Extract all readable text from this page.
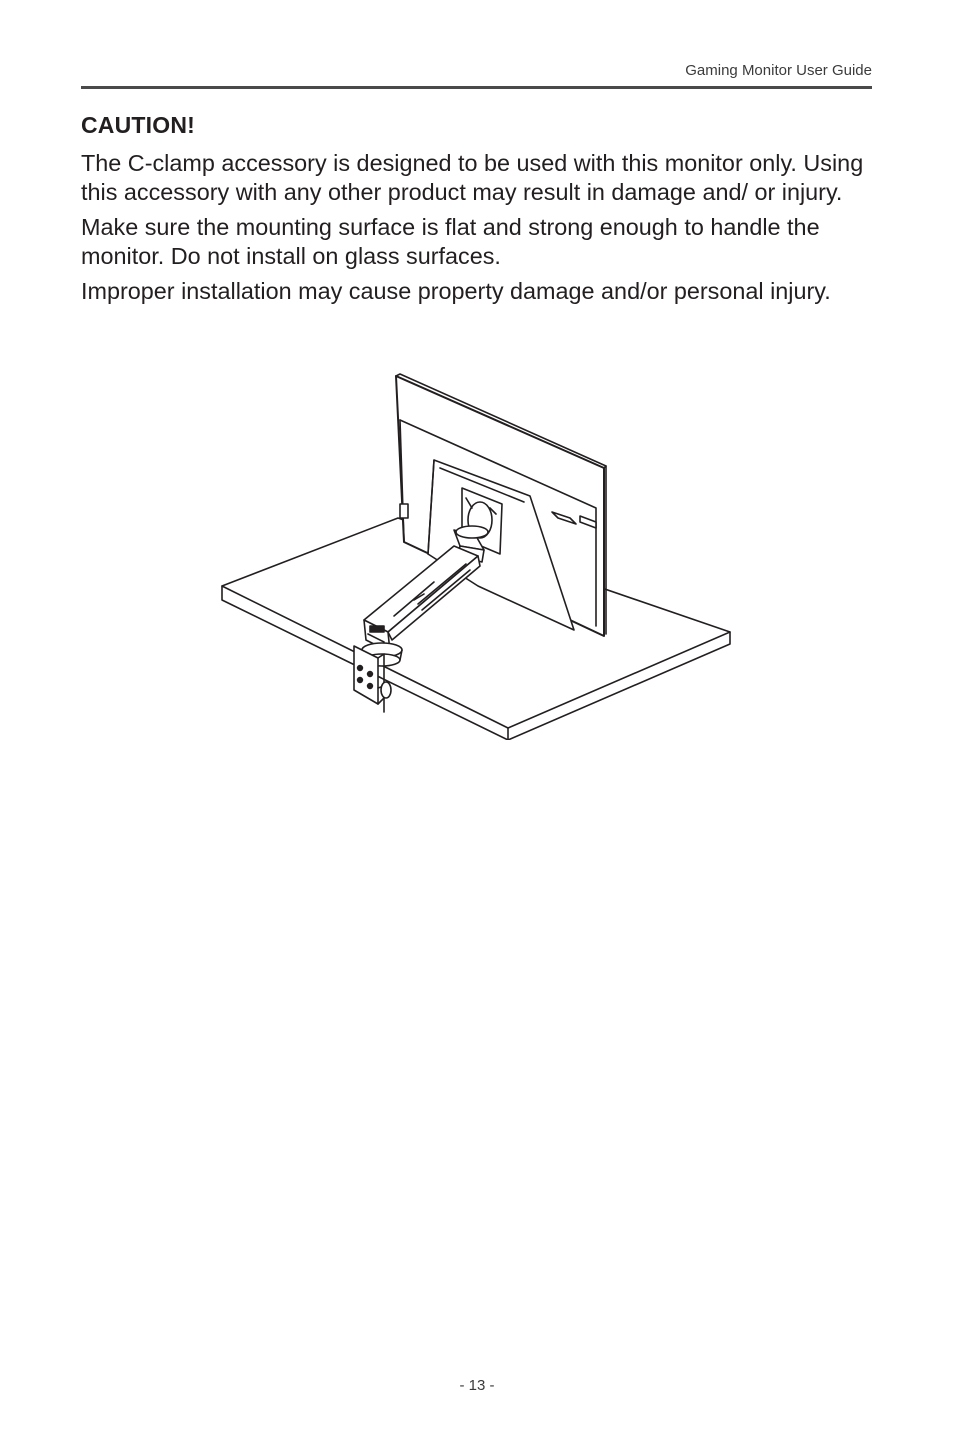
Gaming Monitor User Guide
CAUTION!

The C-clamp accessory is designed to be used with this monitor only. Using this accessory with any other product may result in damage and/ or injury.

Make sure the mounting surface is flat and strong enough to handle the monitor. Do not install on glass surfaces.

Improper installation may cause property damage and/or personal injury.

- 13 -
